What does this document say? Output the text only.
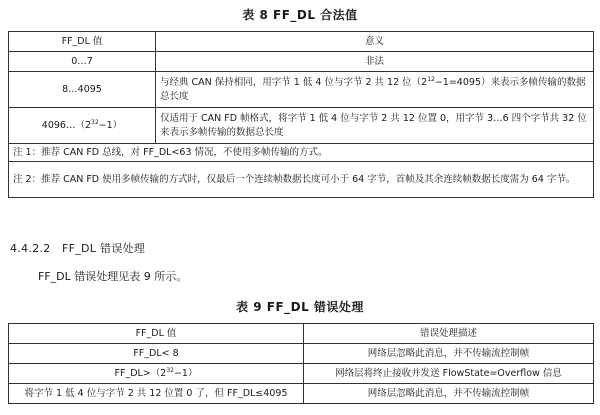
表 8 FF_DL 合法值
FF_DL 值	意义
0…7	非法
8…4095	与经典 CAN 保持相同，用字节 1 低 4 位与字节 2 共 12 位$(2^{12}-1=4095)$来表示多帧传输的数据总长度
$4096\dots(2^{32}-1)$	仅适用于 CAN FD 帧格式，将字节 1 低 4 位与字节 2 共 12 位置 0，用字节 3…6 四个字节共 32 位来表示多帧传输的数据总长度
注 1：推荐 CAN FD 总线，对 FF_DL<63 情况，不使用多帧传输的方式。	

注 2：推荐 CAN FD 使用多帧传输的方式时，仅最后一个连续帧数据长度可小于 64 字节，首帧及其余连续帧数据长度需为 64 字节。	
4.4.2.2 FF_DL 错误处理
FF_DL 错误处理见表 9 所示。
表 9 FF_DL 错误处理
FF_DL 值	错误处理描述
FF_DL< 8	网络层忽略此消息，并不传输流控制帧
$FF\_DL>(2^{32}-1)$	网络层将终止接收并发送 FlowState=Overflow 信息
将字节 1 低 4 位与字节 2 共 12 位置 0 了，但 FF_DL≤4095	网络层忽略此消息，并不传输流控制帧
